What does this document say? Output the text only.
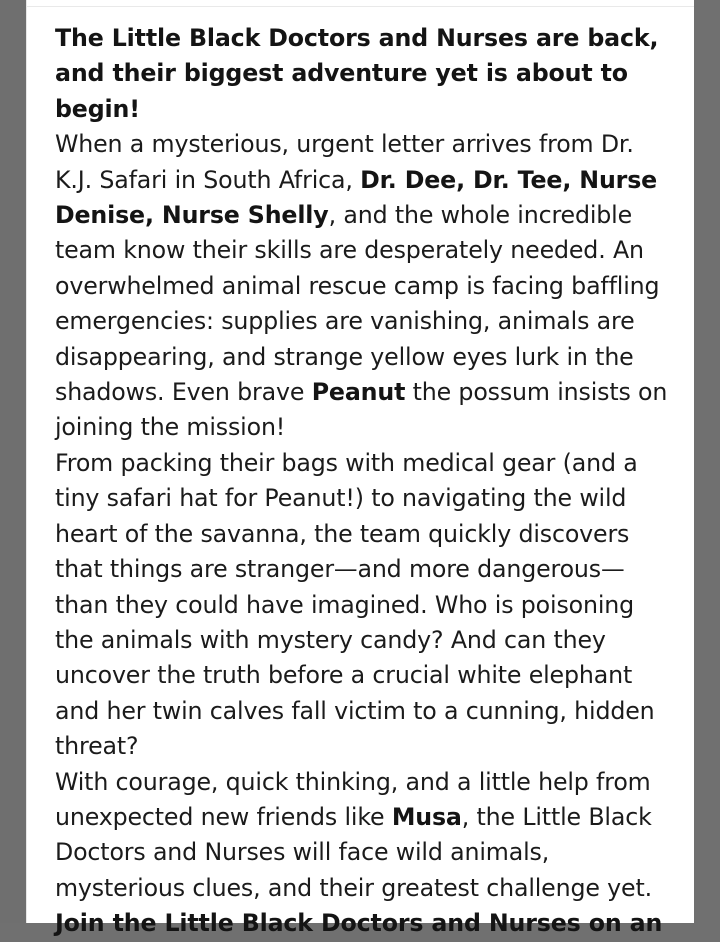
The Little Black Doctors and Nurses are back, and their biggest adventure yet is about to begin!
When a mysterious, urgent letter arrives from Dr. K.J. Safari in South Africa, Dr. Dee, Dr. Tee, Nurse Denise, Nurse Shelly, and the whole incredible team know their skills are desperately needed. An overwhelmed animal rescue camp is facing baffling emergencies: supplies are vanishing, animals are disappearing, and strange yellow eyes lurk in the shadows. Even brave Peanut the possum insists on joining the mission!

From packing their bags with medical gear (and a tiny safari hat for Peanut!) to navigating the wild heart of the savanna, the team quickly discovers that things are stranger—and more dangerous—than they could have imagined. Who is poisoning the animals with mystery candy? And can they uncover the truth before a crucial white elephant and her twin calves fall victim to a cunning, hidden threat?

With courage, quick thinking, and a little help from unexpected new friends like Musa, the Little Black Doctors and Nurses will face wild animals, mysterious clues, and their greatest challenge yet.

Join the Little Black Doctors and Nurses on an
